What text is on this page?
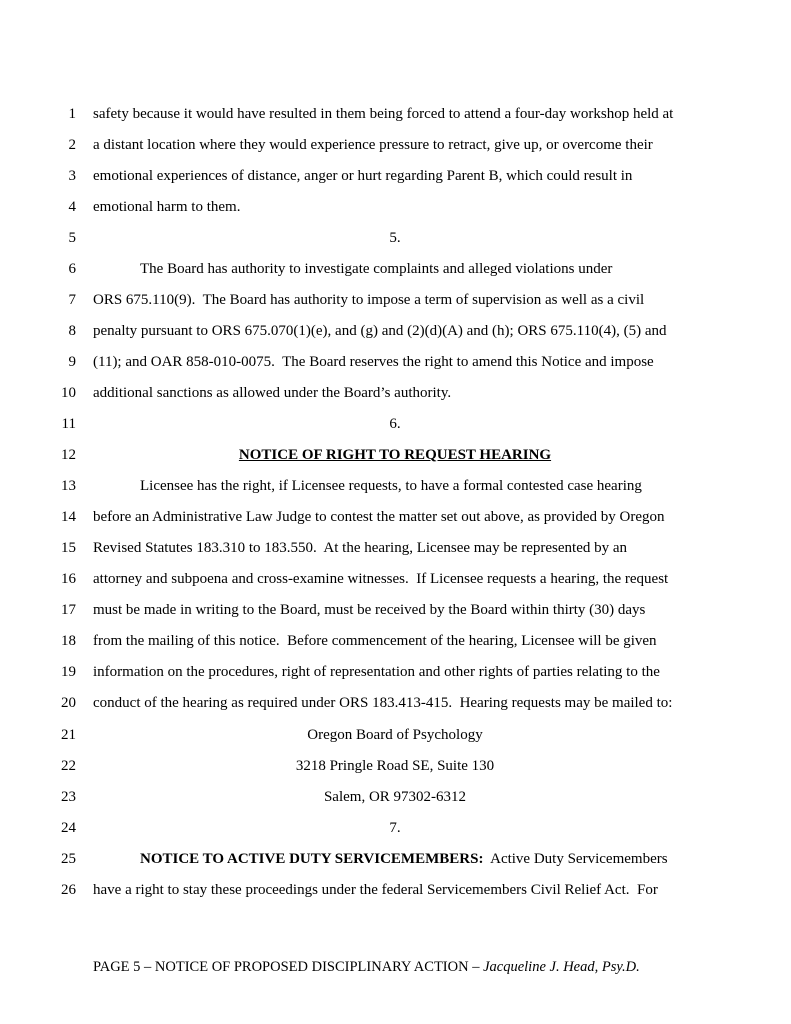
1 safety because it would have resulted in them being forced to attend a four-day workshop held at
2 a distant location where they would experience pressure to retract, give up, or overcome their
3 emotional experiences of distance, anger or hurt regarding Parent B, which could result in
4 emotional harm to them.
5	5.
6	The Board has authority to investigate complaints and alleged violations under
7 ORS 675.110(9).  The Board has authority to impose a term of supervision as well as a civil
8 penalty pursuant to ORS 675.070(1)(e), and (g) and (2)(d)(A) and (h); ORS 675.110(4), (5) and
9 (11); and OAR 858-010-0075.  The Board reserves the right to amend this Notice and impose
10 additional sanctions as allowed under the Board’s authority.
11	6.
12	NOTICE OF RIGHT TO REQUEST HEARING
13	Licensee has the right, if Licensee requests, to have a formal contested case hearing
14 before an Administrative Law Judge to contest the matter set out above, as provided by Oregon
15 Revised Statutes 183.310 to 183.550.  At the hearing, Licensee may be represented by an
16 attorney and subpoena and cross-examine witnesses.  If Licensee requests a hearing, the request
17 must be made in writing to the Board, must be received by the Board within thirty (30) days
18 from the mailing of this notice.  Before commencement of the hearing, Licensee will be given
19 information on the procedures, right of representation and other rights of parties relating to the
20 conduct of the hearing as required under ORS 183.413-415.  Hearing requests may be mailed to:
21	Oregon Board of Psychology
22	3218 Pringle Road SE, Suite 130
23	Salem, OR 97302-6312
24	7.
25	NOTICE TO ACTIVE DUTY SERVICEMEMBERS:  Active Duty Servicemembers
26 have a right to stay these proceedings under the federal Servicemembers Civil Relief Act.  For
PAGE 5 – NOTICE OF PROPOSED DISCIPLINARY ACTION – Jacqueline J. Head, Psy.D.
